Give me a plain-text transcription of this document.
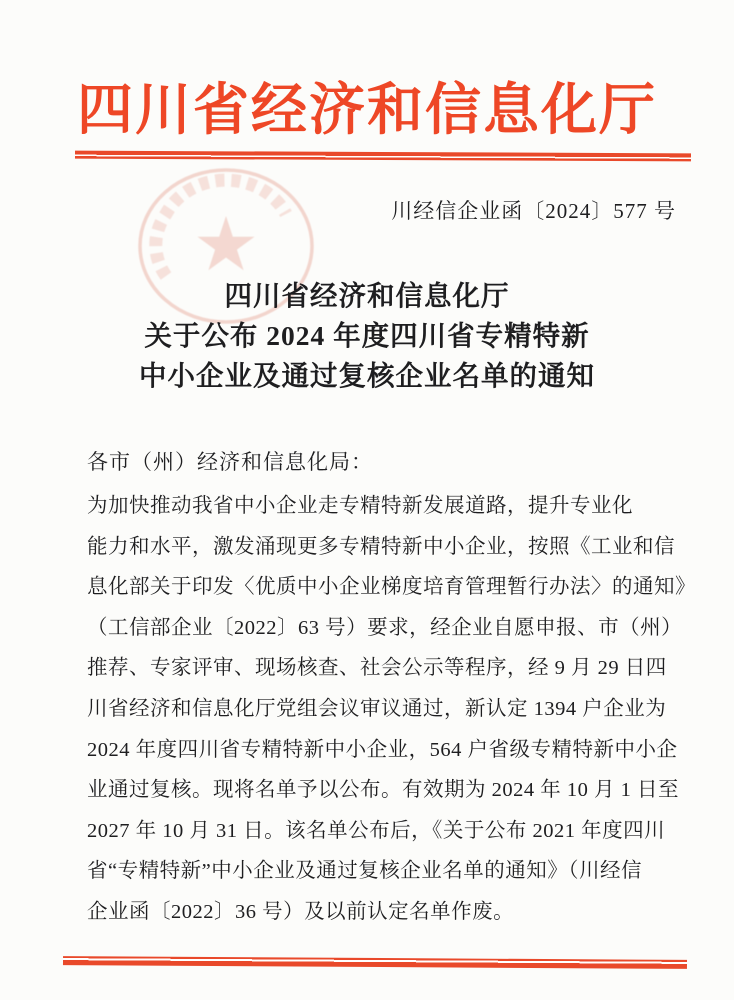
四川省经济和信息化厅
川经信企业函〔2024〕577 号
四川省经济和信息化厅
关于公布 2024 年度四川省专精特新
中小企业及通过复核企业名单的通知
各市（州）经济和信息化局：
为加快推动我省中小企业走专精特新发展道路，提升专业化
能力和水平，激发涌现更多专精特新中小企业，按照《工业和信
息化部关于印发〈优质中小企业梯度培育管理暂行办法〉的通知》
（工信部企业〔2022〕63 号）要求，经企业自愿申报、市（州）
推荐、专家评审、现场核查、社会公示等程序，经 9 月 29 日四
川省经济和信息化厅党组会议审议通过，新认定 1394 户企业为
2024 年度四川省专精特新中小企业，564 户省级专精特新中小企
业通过复核。现将名单予以公布。有效期为 2024 年 10 月 1 日至
2027 年 10 月 31 日。该名单公布后，《关于公布 2021 年度四川
省“专精特新”中小企业及通过复核企业名单的通知》（川经信
企业函〔2022〕36 号）及以前认定名单作废。
